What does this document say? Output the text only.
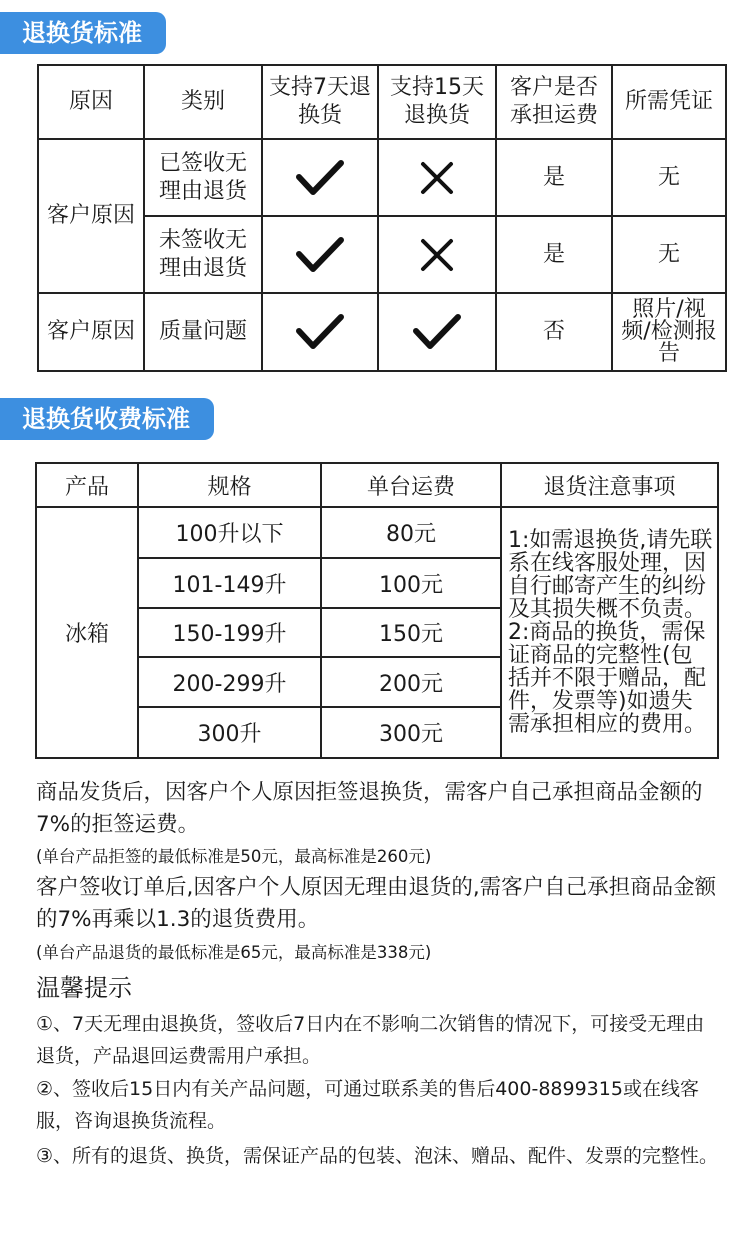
退换货标准
原因	类别	支持7天退换货	支持15天退换货	客户是否承担运费	所需凭证
客户原因	已签收无理由退货			是	无
	未签收无理由退货			是	无
客户原因	质量问题			否	照片/视频/检测报告
退换货收费标准
产品	规格	单台运费	退货注意事项
冰箱	100升以下	80元	1:如需退换货,请先联系在线客服处理，因自行邮寄产生的纠纷及其损失概不负责。 2:商品的换货，需保证商品的完整性(包括并不限于赠品，配件，发票等)如遗失需承担相应的费用。
	101-149升	100元	
	150-199升	150元	
	200-299升	200元	
	300升	300元	

商品发货后，因客户个人原因拒签退换货，需客户自己承担商品金额的7%的拒签运费。

(单台产品拒签的最低标准是50元，最高标准是260元)

客户签收订单后,因客户个人原因无理由退货的,需客户自己承担商品金额的7%再乘以1.3的退货费用。

(单台产品退货的最低标准是65元，最高标准是338元)

温馨提示

①、7天无理由退换货，签收后7日内在不影响二次销售的情况下，可接受无理由退货，产品退回运费需用户承担。

②、签收后15日内有关产品问题，可通过联系美的售后400-8899315或在线客服，咨询退换货流程。

③、所有的退货、换货，需保证产品的包装、泡沫、赠品、配件、发票的完整性。
